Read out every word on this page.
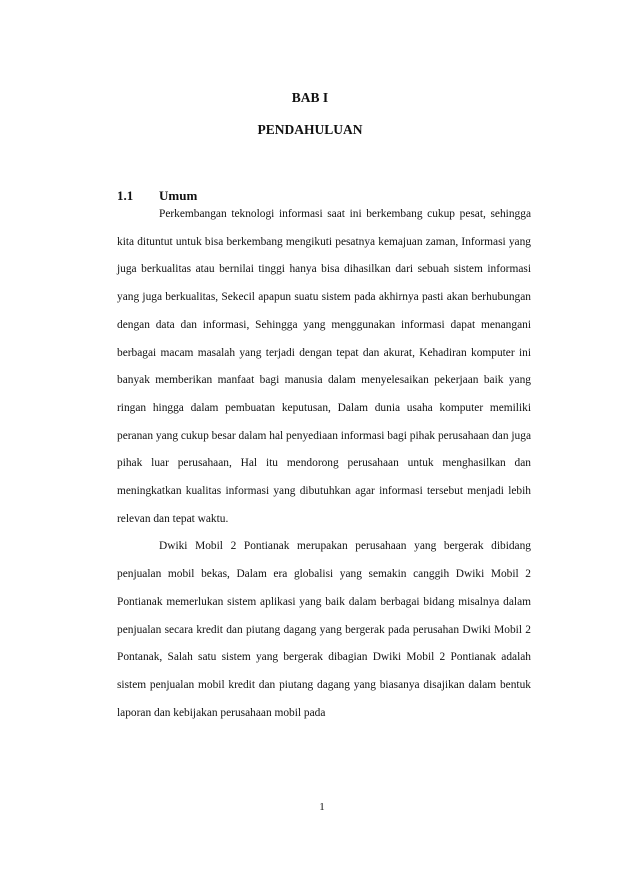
BAB I
PENDAHULUAN
1.1 Umum

Perkembangan teknologi informasi saat ini berkembang cukup pesat, sehingga kita dituntut untuk bisa berkembang mengikuti pesatnya kemajuan zaman, Informasi yang juga berkualitas atau bernilai tinggi hanya bisa dihasilkan dari sebuah sistem informasi yang juga berkualitas, Sekecil apapun suatu sistem pada akhirnya pasti akan berhubungan dengan data dan informasi, Sehingga yang menggunakan informasi dapat menangani berbagai macam masalah yang terjadi dengan tepat dan akurat, Kehadiran komputer ini banyak memberikan manfaat bagi manusia dalam menyelesaikan pekerjaan baik yang ringan hingga dalam pembuatan keputusan, Dalam dunia usaha komputer memiliki peranan yang cukup besar dalam hal penyediaan informasi bagi pihak perusahaan dan juga pihak luar perusahaan, Hal itu mendorong perusahaan untuk menghasilkan dan meningkatkan kualitas informasi yang dibutuhkan agar informasi tersebut menjadi lebih relevan dan tepat waktu.

Dwiki Mobil 2 Pontianak merupakan perusahaan yang bergerak dibidang penjualan mobil bekas, Dalam era globalisi yang semakin canggih Dwiki Mobil 2 Pontianak memerlukan sistem aplikasi yang baik dalam berbagai bidang misalnya dalam penjualan secara kredit dan piutang dagang yang bergerak pada perusahan Dwiki Mobil 2 Pontanak, Salah satu sistem yang bergerak dibagian Dwiki Mobil 2 Pontianak adalah sistem penjualan mobil kredit dan piutang dagang yang biasanya disajikan dalam bentuk laporan dan kebijakan perusahaan mobil pada

1
